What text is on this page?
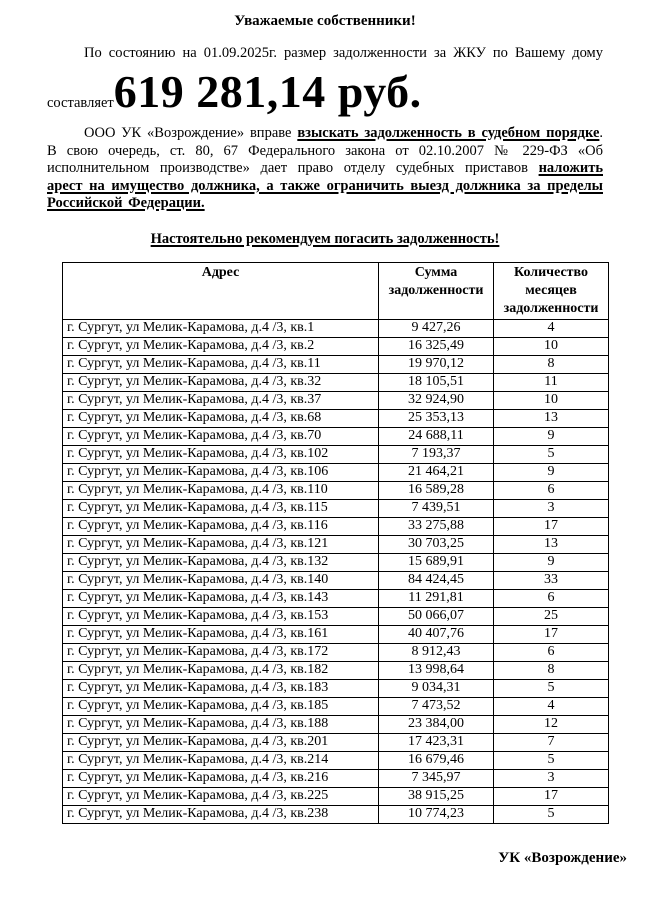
Уважаемые собственники!
По состоянию на 01.09.2025г. размер задолженности за ЖКУ по Вашему дому
составляет 619 281,14 руб.
ООО УК «Возрождение» вправе взыскать задолженность в судебном порядке. В свою очередь, ст. 80, 67 Федерального закона от 02.10.2007 № 229-ФЗ «Об исполнительном производстве» дает право отделу судебных приставов наложить арест на имущество должника, а также ограничить выезд должника за пределы Российской Федерации.
Настоятельно рекомендуем погасить задолженность!
Адрес	Сумма задолженности	Количество месяцев задолженности
г. Сургут, ул Мелик-Карамова, д.4 /3, кв.1	9 427,26	4
г. Сургут, ул Мелик-Карамова, д.4 /3, кв.2	16 325,49	10
г. Сургут, ул Мелик-Карамова, д.4 /3, кв.11	19 970,12	8
г. Сургут, ул Мелик-Карамова, д.4 /3, кв.32	18 105,51	11
г. Сургут, ул Мелик-Карамова, д.4 /3, кв.37	32 924,90	10
г. Сургут, ул Мелик-Карамова, д.4 /3, кв.68	25 353,13	13
г. Сургут, ул Мелик-Карамова, д.4 /3, кв.70	24 688,11	9
г. Сургут, ул Мелик-Карамова, д.4 /3, кв.102	7 193,37	5
г. Сургут, ул Мелик-Карамова, д.4 /3, кв.106	21 464,21	9
г. Сургут, ул Мелик-Карамова, д.4 /3, кв.110	16 589,28	6
г. Сургут, ул Мелик-Карамова, д.4 /3, кв.115	7 439,51	3
г. Сургут, ул Мелик-Карамова, д.4 /3, кв.116	33 275,88	17
г. Сургут, ул Мелик-Карамова, д.4 /3, кв.121	30 703,25	13
г. Сургут, ул Мелик-Карамова, д.4 /3, кв.132	15 689,91	9
г. Сургут, ул Мелик-Карамова, д.4 /3, кв.140	84 424,45	33
г. Сургут, ул Мелик-Карамова, д.4 /3, кв.143	11 291,81	6
г. Сургут, ул Мелик-Карамова, д.4 /3, кв.153	50 066,07	25
г. Сургут, ул Мелик-Карамова, д.4 /3, кв.161	40 407,76	17
г. Сургут, ул Мелик-Карамова, д.4 /3, кв.172	8 912,43	6
г. Сургут, ул Мелик-Карамова, д.4 /3, кв.182	13 998,64	8
г. Сургут, ул Мелик-Карамова, д.4 /3, кв.183	9 034,31	5
г. Сургут, ул Мелик-Карамова, д.4 /3, кв.185	7 473,52	4
г. Сургут, ул Мелик-Карамова, д.4 /3, кв.188	23 384,00	12
г. Сургут, ул Мелик-Карамова, д.4 /3, кв.201	17 423,31	7
г. Сургут, ул Мелик-Карамова, д.4 /3, кв.214	16 679,46	5
г. Сургут, ул Мелик-Карамова, д.4 /3, кв.216	7 345,97	3
г. Сургут, ул Мелик-Карамова, д.4 /3, кв.225	38 915,25	17
г. Сургут, ул Мелик-Карамова, д.4 /3, кв.238	10 774,23	5
УК «Возрождение»
